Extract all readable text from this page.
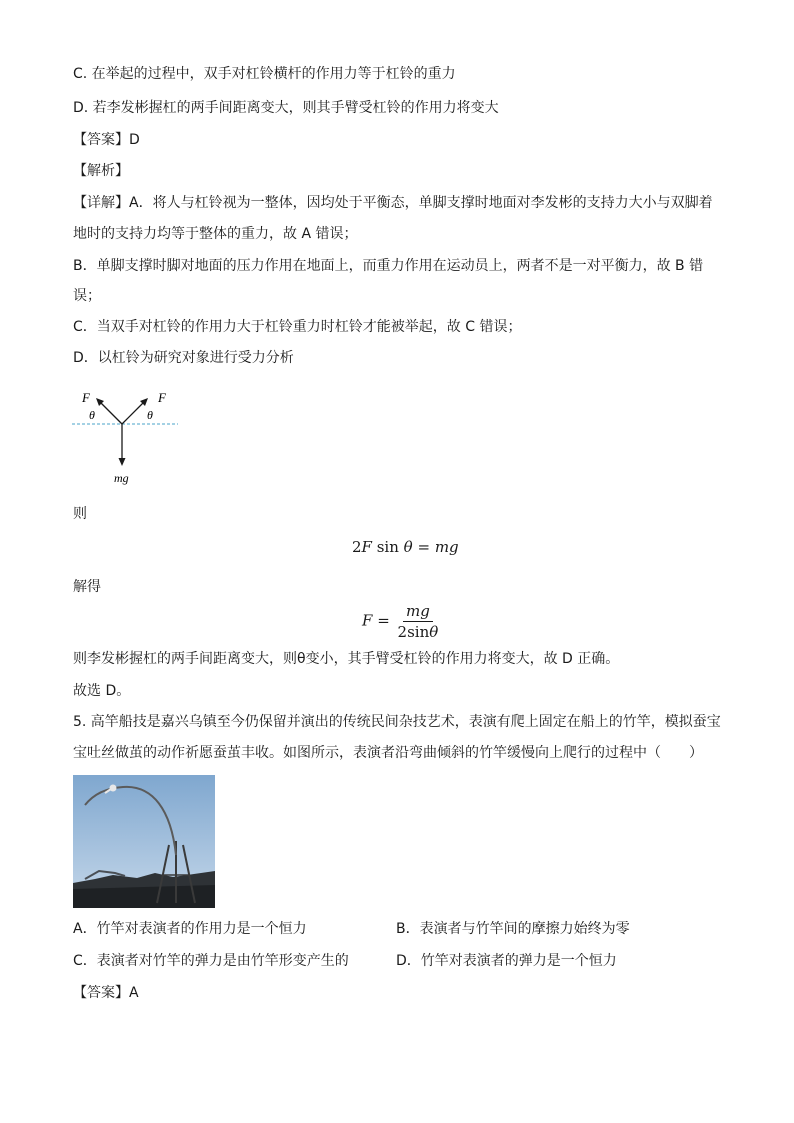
C. 在举起的过程中，双手对杠铃横杆的作用力等于杠铃的重力
D. 若李发彬握杠的两手间距离变大，则其手臂受杠铃的作用力将变大
【答案】D
【解析】
【详解】A．将人与杠铃视为一整体，因均处于平衡态，单脚支撑时地面对李发彬的支持力大小与双脚着
地时的支持力均等于整体的重力，故 A 错误；
B．单脚支撑时脚对地面的压力作用在地面上，而重力作用在运动员上，两者不是一对平衡力，故 B 错
误；
C．当双手对杠铃的作用力大于杠铃重力时杠铃才能被举起，故 C 错误；
D．以杠铃为研究对象进行受力分析
F	F
θ	θ
mg
则
2F sin θ = mg
解得
$F = \frac{mg}{2\sin\theta}$
则李发彬握杠的两手间距离变大，则θ变小，其手臂受杠铃的作用力将变大，故 D 正确。
故选 D。
5. 高竿船技是嘉兴乌镇至今仍保留并演出的传统民间杂技艺术，表演有爬上固定在船上的竹竿，模拟蚕宝宝吐丝做茧的动作祈愿蚕茧丰收。如图所示，表演者沿弯曲倾斜的竹竿缓慢向上爬行的过程中（　　）
A．竹竿对表演者的作用力是一个恒力	B．表演者与竹竿间的摩擦力始终为零
C．表演者对竹竿的弹力是由竹竿形变产生的	D．竹竿对表演者的弹力是一个恒力
【答案】A
